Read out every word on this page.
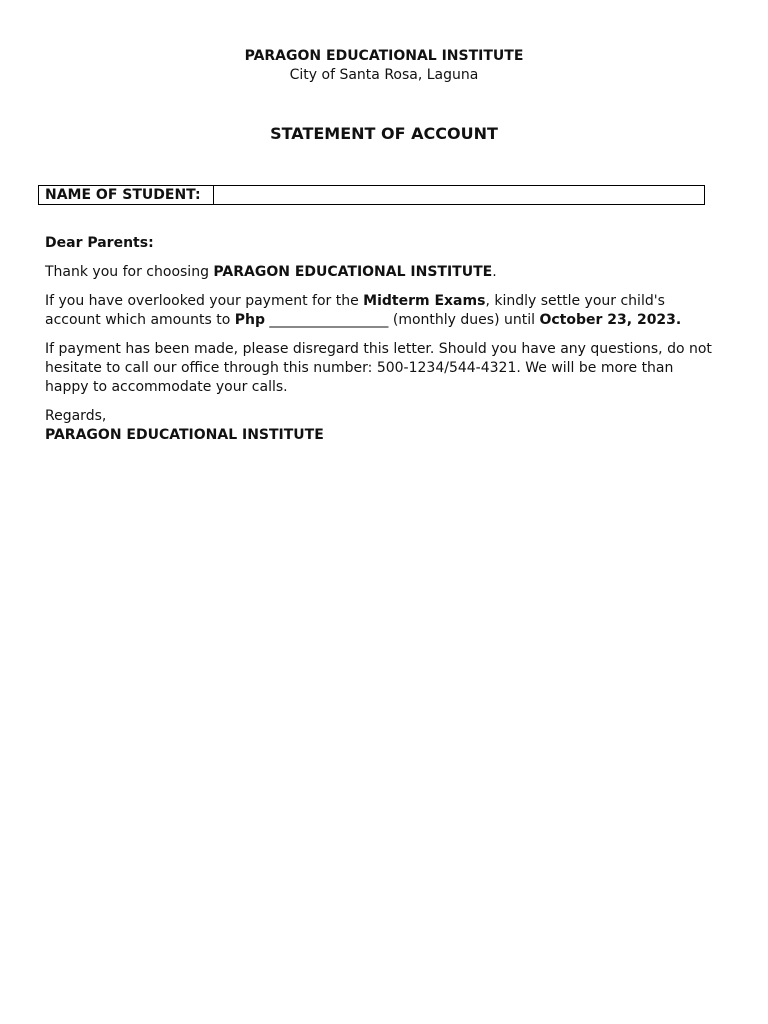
PARAGON EDUCATIONAL INSTITUTE
City of Santa Rosa, Laguna
STATEMENT OF ACCOUNT
NAME OF STUDENT:

Dear Parents:

Thank you for choosing PARAGON EDUCATIONAL INSTITUTE.

If you have overlooked your payment for the Midterm Exams, kindly settle your child's account which amounts to Php _________________ (monthly dues) until October 23, 2023.

If payment has been made, please disregard this letter. Should you have any questions, do not hesitate to call our office through this number: 500-1234/544-4321. We will be more than happy to accommodate your calls.

Regards,

PARAGON EDUCATIONAL INSTITUTE
